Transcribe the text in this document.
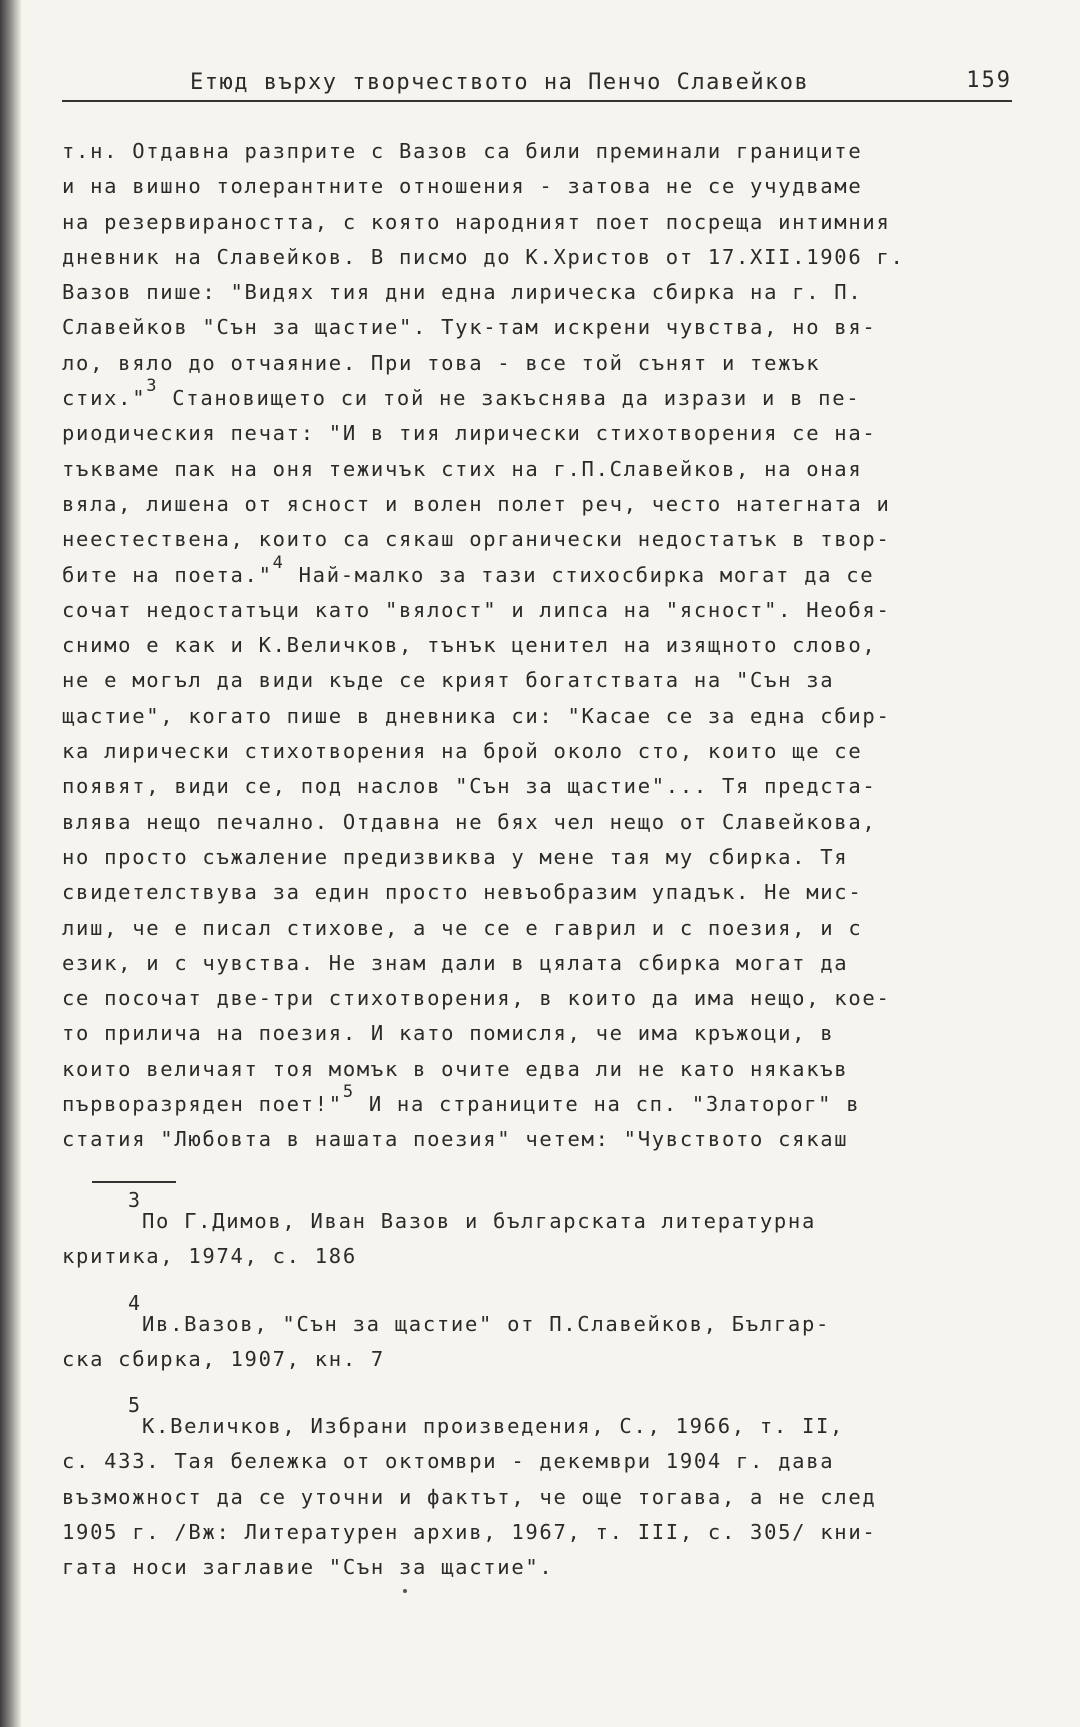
Етюд върху творчеството на Пенчо Славейков	159
т.н. Отдавна разприте с Вазов са били преминали границите
и на вишно толерантните отношения - затова не се учудваме
на резервираността, с която народният поет посреща интимния
дневник на Славейков. В писмо до К.Христов от 17.ХII.1906 г.
Вазов пише: "Видях тия дни една лирическа сбирка на г. П.
Славейков "Сън за щастие". Тук-там искрени чувства, но вя-
ло, вяло до отчаяние. При това - все той сънят и тежък
стих."$^3$ Становището си той не закъснява да изрази и в пе-
риодическия печат: "И в тия лирически стихотворения се на-
тъкваме пак на оня тежичък стих на г.П.Славейков, на оная
вяла, лишена от ясност и волен полет реч, често натегната и
неестествена, които са сякаш органически недостатък в твор-
бите на поета."$^4$ Най-малко за тази стихосбирка могат да се
сочат недостатъци като "вялост" и липса на "ясност". Необя-
снимо е как и К.Величков, тънък ценител на изящното слово,
не е могъл да види къде се крият богатствата на "Сън за
щастие", когато пише в дневника си: "Касае се за една сбир-
ка лирически стихотворения на брой около сто, които ще се
появят, види се, под наслов "Сън за щастие"... Тя предста-
влява нещо печално. Отдавна не бях чел нещо от Славейкова,
но просто съжаление предизвиква у мене тая му сбирка. Тя
свидетелствува за един просто невъобразим упадък. Не мис-
лиш, че е писал стихове, а че се е гаврил и с поезия, и с
език, и с чувства. Не знам дали в цялата сбирка могат да
се посочат две-три стихотворения, в които да има нещо, кое-
то прилича на поезия. И като помисля, че има кръжоци, в
които величаят тоя момък в очите едва ли не като някакъв
първоразряден поет!"$^5$ И на страниците на сп. "Златорог" в
статия "Любовта в нашата поезия" четем: "Чувството сякаш
3
По Г.Димов, Иван Вазов и българската литературна
критика, 1974, с. 186
4
Ив.Вазов, "Сън за щастие" от П.Славейков, Българ-
ска сбирка, 1907, кн. 7
5
К.Величков, Избрани произведения, С., 1966, т. II,
с. 433. Тая бележка от октомври - декември 1904 г. дава
възможност да се уточни и фактът, че още тогава, а не след
1905 г. /Вж: Литературен архив, 1967, т. III, с. 305/ кни-
гата носи заглавие "Сън за щастие".
